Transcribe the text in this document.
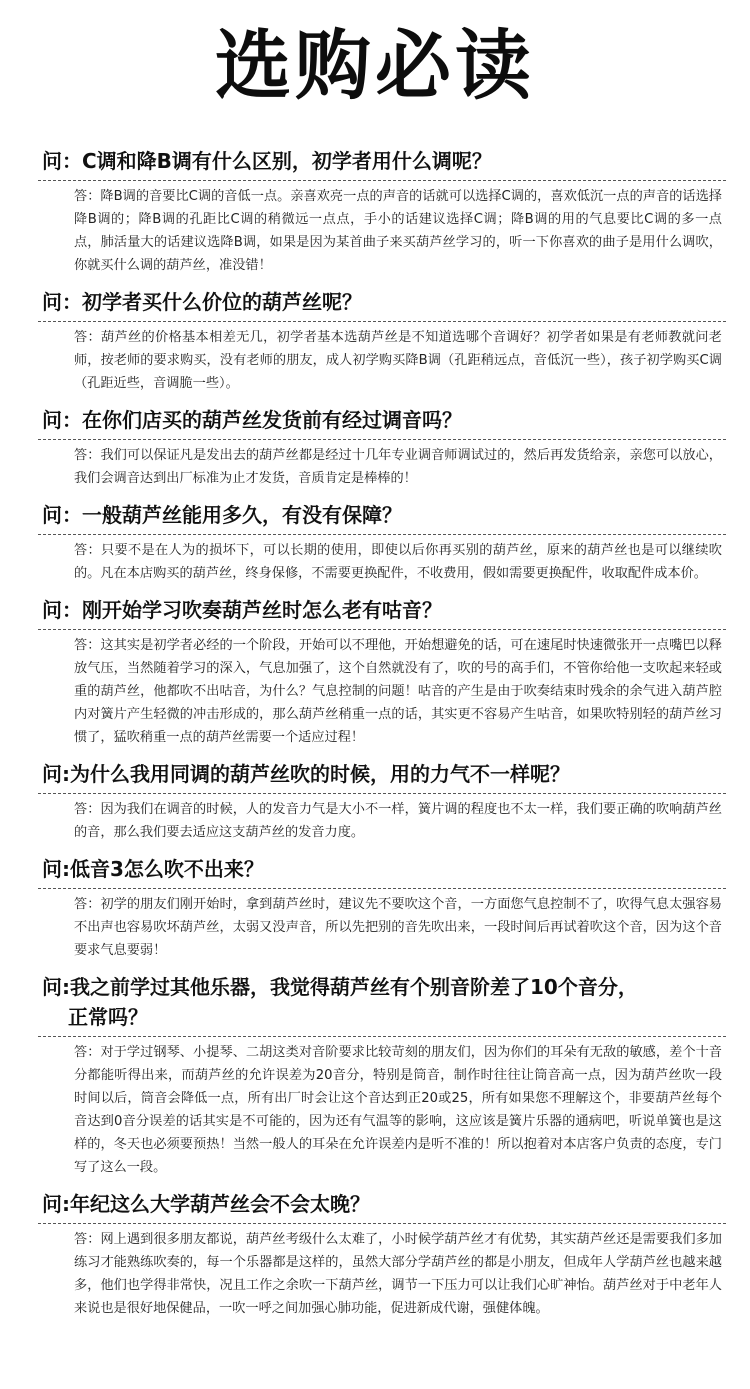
选购必读
问：C调和降B调有什么区别，初学者用什么调呢？
答：降B调的音要比C调的音低一点。亲喜欢亮一点的声音的话就可以选择C调的，喜欢低沉一点的声音的话选择降B调的；降B调的孔距比C调的稍微远一点点，手小的话建议选择C调；降B调的用的气息要比C调的多一点点，肺活量大的话建议选降B调，如果是因为某首曲子来买葫芦丝学习的，听一下你喜欢的曲子是用什么调吹，你就买什么调的葫芦丝，准没错！
问：初学者买什么价位的葫芦丝呢？
答：葫芦丝的价格基本相差无几，初学者基本选葫芦丝是不知道选哪个音调好？初学者如果是有老师教就问老师，按老师的要求购买，没有老师的朋友，成人初学购买降B调（孔距稍远点，音低沉一些），孩子初学购买C调（孔距近些，音调脆一些）。
问：在你们店买的葫芦丝发货前有经过调音吗？
答：我们可以保证凡是发出去的葫芦丝都是经过十几年专业调音师调试过的，然后再发货给亲，亲您可以放心，我们会调音达到出厂标准为止才发货，音质肯定是棒棒的！
问：一般葫芦丝能用多久，有没有保障？
答：只要不是在人为的损坏下，可以长期的使用，即使以后你再买别的葫芦丝，原来的葫芦丝也是可以继续吹的。凡在本店购买的葫芦丝，终身保修，不需要更换配件，不收费用，假如需要更换配件，收取配件成本价。
问：刚开始学习吹奏葫芦丝时怎么老有咕音？
答：这其实是初学者必经的一个阶段，开始可以不理他，开始想避免的话，可在速尾时快速微张开一点嘴巴以释放气压，当然随着学习的深入，气息加强了，这个自然就没有了，吹的号的高手们，不管你给他一支吹起来轻或重的葫芦丝，他都吹不出咕音，为什么？气息控制的问题！咕音的产生是由于吹奏结束时残余的余气进入葫芦腔内对簧片产生轻微的冲击形成的，那么葫芦丝稍重一点的话，其实更不容易产生咕音，如果吹特别轻的葫芦丝习惯了，猛吹稍重一点的葫芦丝需要一个适应过程！
问:为什么我用同调的葫芦丝吹的时候，用的力气不一样呢？
答：因为我们在调音的时候，人的发音力气是大小不一样，簧片调的程度也不太一样，我们要正确的吹响葫芦丝的音，那么我们要去适应这支葫芦丝的发音力度。
问:低音3怎么吹不出来？
答：初学的朋友们刚开始时，拿到葫芦丝时，建议先不要吹这个音，一方面您气息控制不了，吹得气息太强容易不出声也容易吹坏葫芦丝，太弱又没声音，所以先把别的音先吹出来，一段时间后再试着吹这个音，因为这个音要求气息要弱！
问:我之前学过其他乐器，我觉得葫芦丝有个别音阶差了10个音分，
正常吗？
答：对于学过钢琴、小提琴、二胡这类对音阶要求比较苛刻的朋友们，因为你们的耳朵有无敌的敏感，差个十音分都能听得出来，而葫芦丝的允许误差为20音分，特别是筒音，制作时往往让筒音高一点，因为葫芦丝吹一段时间以后，筒音会降低一点，所有出厂时会让这个音达到正20或25，所有如果您不理解这个，非要葫芦丝每个音达到0音分误差的话其实是不可能的，因为还有气温等的影响，这应该是簧片乐器的通病吧，听说单簧也是这样的，冬天也必须要预热！当然一般人的耳朵在允许误差内是听不准的！所以抱着对本店客户负责的态度，专门写了这么一段。
问:年纪这么大学葫芦丝会不会太晚？
答：网上遇到很多朋友都说，葫芦丝考级什么太难了，小时候学葫芦丝才有优势，其实葫芦丝还是需要我们多加练习才能熟练吹奏的，每一个乐器都是这样的，虽然大部分学葫芦丝的都是小朋友，但成年人学葫芦丝也越来越多，他们也学得非常快，况且工作之余吹一下葫芦丝，调节一下压力可以让我们心旷神怡。葫芦丝对于中老年人来说也是很好地保健品，一吹一呼之间加强心肺功能，促进新成代谢，强健体魄。
